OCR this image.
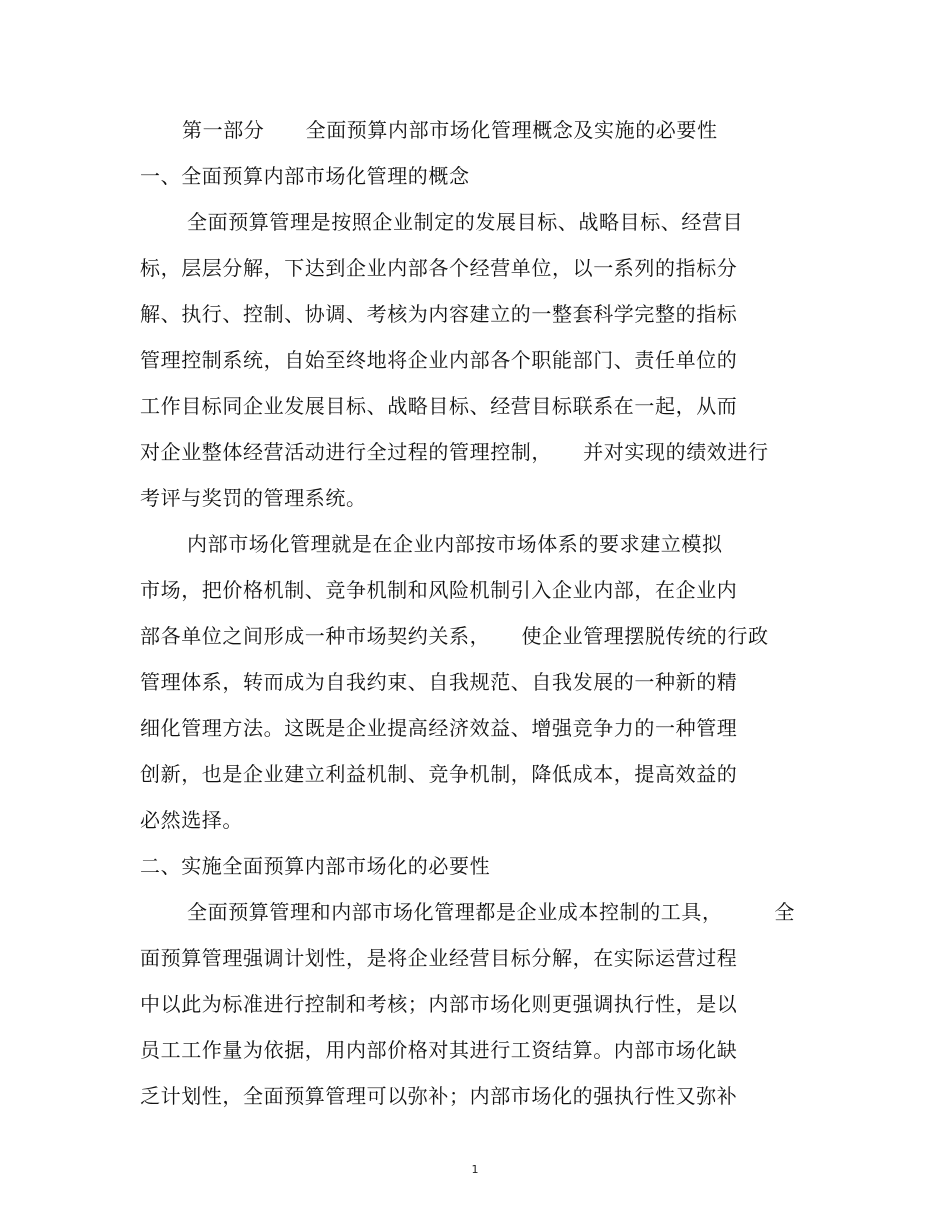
第一部分　　全面预算内部市场化管理概念及实施的必要性
一、全面预算内部市场化管理的概念
全面预算管理是按照企业制定的发展目标、战略目标、经营目
标，层层分解，下达到企业内部各个经营单位，以一系列的指标分
解、执行、控制、协调、考核为内容建立的一整套科学完整的指标
管理控制系统，自始至终地将企业内部各个职能部门、责任单位的
工作目标同企业发展目标、战略目标、经营目标联系在一起，从而
对企业整体经营活动进行全过程的管理控制，　　并对实现的绩效进行
考评与奖罚的管理系统。
内部市场化管理就是在企业内部按市场体系的要求建立模拟
市场，把价格机制、竞争机制和风险机制引入企业内部，在企业内
部各单位之间形成一种市场契约关系，　　使企业管理摆脱传统的行政
管理体系，转而成为自我约束、自我规范、自我发展的一种新的精
细化管理方法。这既是企业提高经济效益、增强竞争力的一种管理
创新，也是企业建立利益机制、竞争机制，降低成本，提高效益的
必然选择。
二、实施全面预算内部市场化的必要性
全面预算管理和内部市场化管理都是企业成本控制的工具，　　　全
面预算管理强调计划性，是将企业经营目标分解，在实际运营过程
中以此为标准进行控制和考核；内部市场化则更强调执行性，是以
员工工作量为依据，用内部价格对其进行工资结算。内部市场化缺
乏计划性，全面预算管理可以弥补；内部市场化的强执行性又弥补
1
